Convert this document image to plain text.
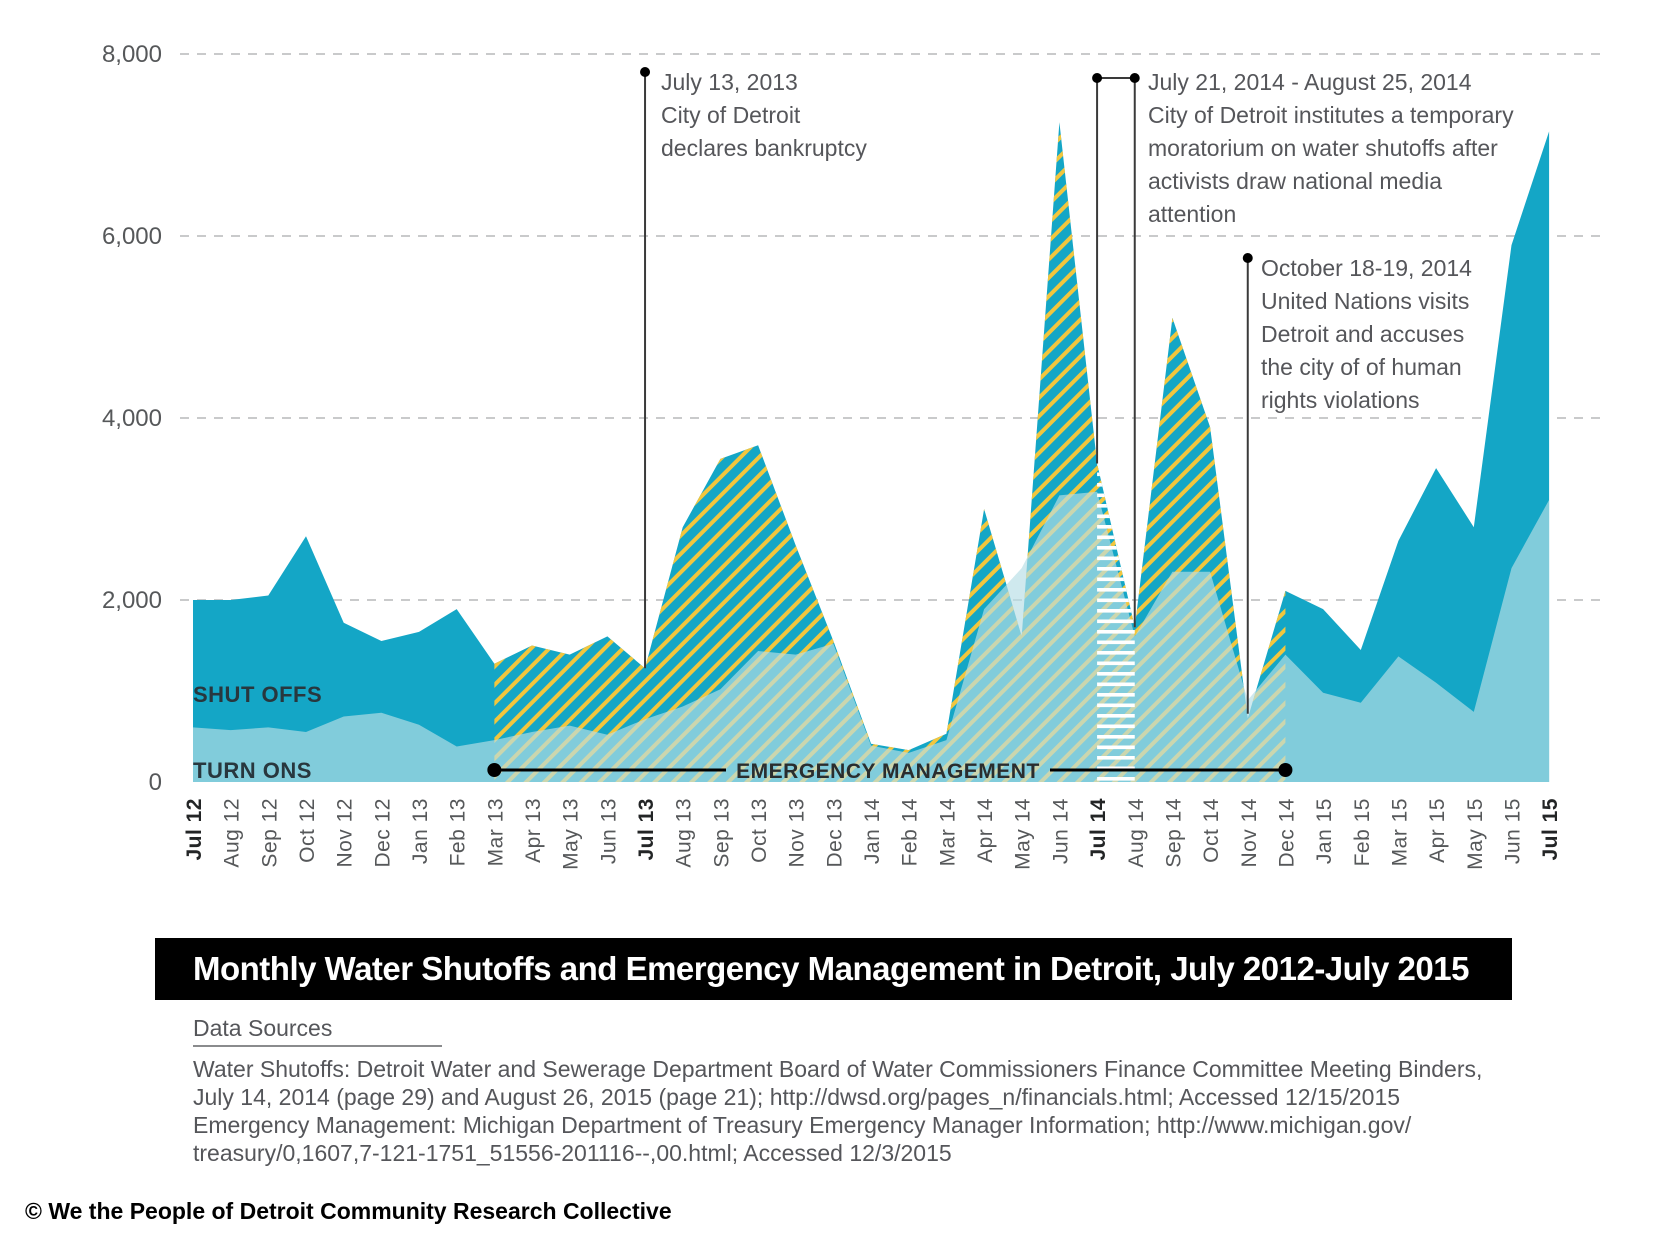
8,000
6,000
4,000
2,000
0
Jul 12 Aug 12 Sep 12 Oct 12 Nov 12 Dec 12 Jan 13 Feb 13 Mar 13 Apr 13 May 13 Jun 13 Jul 13 Aug 13 Sep 13 Oct 13 Nov 13 Dec 13 Jan 14 Feb 14 Mar 14 Apr 14 May 14 Jun 14 Jul 14 Aug 14 Sep 14 Oct 14 Nov 14 Dec 14 Jan 15 Feb 15 Mar 15 Apr 15 May 15 Jun 15 Jul 15
EMERGENCY MANAGEMENT
SHUT OFFS
TURN ONS
July 13, 2013
City of Detroit
declares bankruptcy
July 21, 2014 - August 25, 2014
City of Detroit institutes a temporary
moratorium on water shutoffs after
activists draw national media
attention
October 18-19, 2014
United Nations visits
Detroit and accuses
the city of of human
rights violations
Monthly Water Shutoffs and Emergency Management in Detroit, July 2012-July 2015
Data Sources
Water Shutoffs: Detroit Water and Sewerage Department Board of Water Commissioners Finance Committee Meeting Binders,
July 14, 2014 (page 29) and August 26, 2015 (page 21); http://dwsd.org/pages_n/financials.html; Accessed 12/15/2015
Emergency Management: Michigan Department of Treasury Emergency Manager Information; http://www.michigan.gov/
treasury/0,1607,7-121-1751_51556-201116--,00.html; Accessed 12/3/2015
© We the People of Detroit Community Research Collective
